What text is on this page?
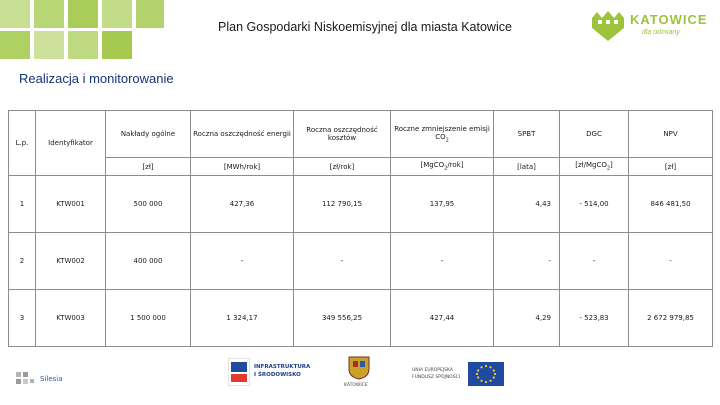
Plan Gospodarki Niskoemisyjnej dla miasta Katowice	KATOWICE
dla odmiany
Realizacja i monitorowanie
L.p.	Identyfikator	Nakłady ogólne	Roczna oszczędność energii	Roczna oszczędność kosztów	Roczne zmniejszenie emisji $CO_2$	SPBT	DGC	NPV
		[zł]	[MWh/rok]	[zł/rok]	[MgCO$_2$/rok]	[lata]	[zł/MgCO$_2$]	[zł]
1	KTW001	500 000	427,36	112 790,15	137,95	4,43	- 514,00	846 481,50
2	KTW002	400 000	-	-	-	-	-	-
3	KTW003	1 500 000	1 324,17	349 556,25	427,44	4,29	- 523,83	2 672 979,85
Silesia
INFRASTRUKTURA
I ŚRODOWISKO
KATOWICE
UNIA EUROPEJSKA
FUNDUSZ SPÓJNOŚCI
